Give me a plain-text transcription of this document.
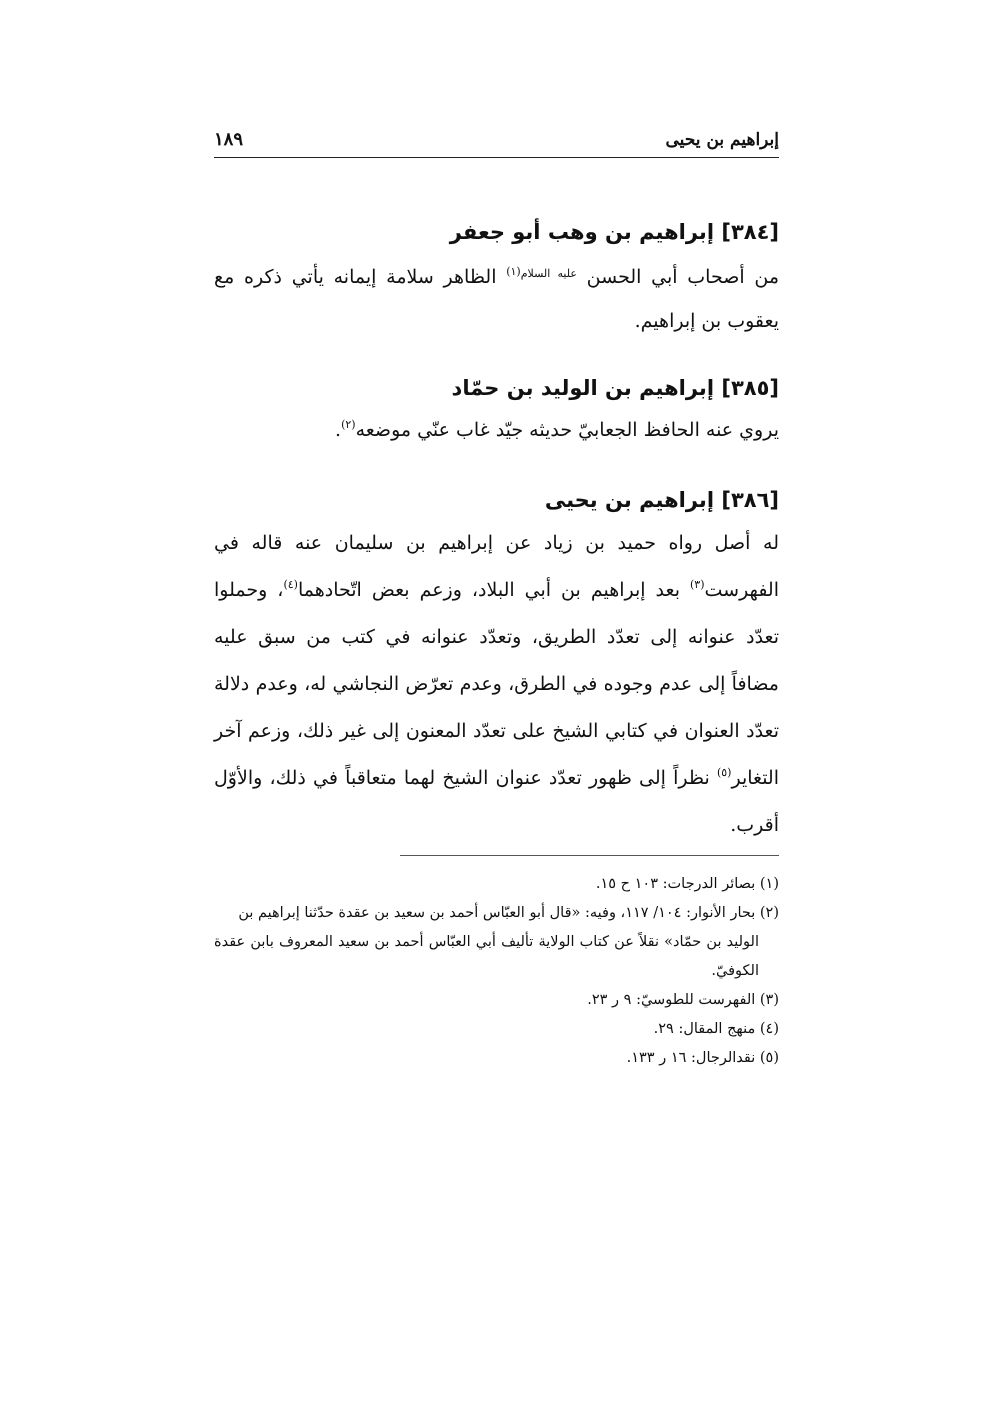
إبراهيم بن يحيى
١٨٩
[٣٨٤] إبراهيم بن وهب أبو جعفر

من أصحاب أبي الحسن $^{عليه السلام(١)}$ الظاهر سلامة إيمانه يأتي ذكره مع يعقوب بن إبراهيم.

[٣٨٥] إبراهيم بن الوليد بن حمّاد

يروي عنه الحافظ الجعابيّ حديثه جيّد غاب عنّي موضعه$^{(٢)}$.

[٣٨٦] إبراهيم بن يحيى

له أصل رواه حميد بن زياد عن إبراهيم بن سليمان عنه قاله في الفهرست$^{(٣)}$ بعد إبراهيم بن أبي البلاد، وزعم بعض اتّحادهما$^{(٤)}$، وحملوا تعدّد عنوانه إلى تعدّد الطريق، وتعدّد عنوانه في كتب من سبق عليه مضافاً إلى عدم وجوده في الطرق، وعدم تعرّض النجاشي له، وعدم دلالة تعدّد العنوان في كتابي الشيخ على تعدّد المعنون إلى غير ذلك، وزعم آخر التغاير$^{(٥)}$ نظراً إلى ظهور تعدّد عنوان الشيخ لهما متعاقباً في ذلك، والأوّل أقرب.

(١) بصائر الدرجات: ١٠٣ ح ١٥.

(٢) بحار الأنوار: ١٠٤/ ١١٧، وفيه: «قال أبو العبّاس أحمد بن سعيد بن عقدة حدّثنا إبراهيم بن

الوليد بن حمّاد» نقلاً عن كتاب الولاية تأليف أبي العبّاس أحمد بن سعيد المعروف بابن عقدة الكوفيّ.

(٣) الفهرست للطوسيّ: ٩ ر ٢٣.

(٤) منهج المقال: ٢٩.

(٥) نقدالرجال: ١٦ ر ١٣٣.
